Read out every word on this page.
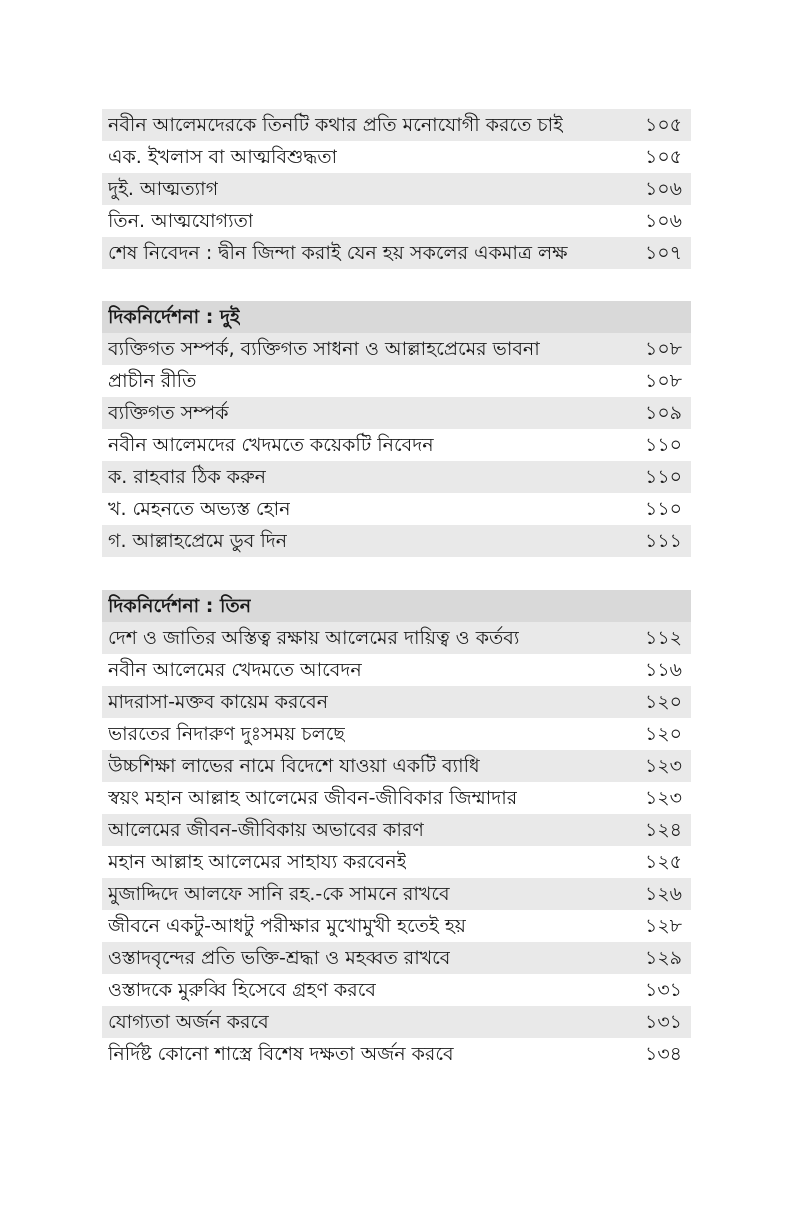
নবীন আলেমদেরকে তিনটি কথার প্রতি মনোযোগী করতে চাই	১০৫
এক. ইখলাস বা আত্মবিশুদ্ধতা	১০৫
দুই. আত্মত্যাগ	১০৬
তিন. আত্মযোগ্যতা	১০৬
শেষ নিবেদন : দ্বীন জিন্দা করাই যেন হয় সকলের একমাত্র লক্ষ	১০৭
দিকনির্দেশনা : দুই
ব্যক্তিগত সম্পর্ক, ব্যক্তিগত সাধনা ও আল্লাহপ্রেমের ভাবনা	১০৮
প্রাচীন রীতি	১০৮
ব্যক্তিগত সম্পর্ক	১০৯
নবীন আলেমদের খেদমতে কয়েকটি নিবেদন	১১০
ক. রাহবার ঠিক করুন	১১০
খ. মেহনতে অভ্যস্ত হোন	১১০
গ. আল্লাহপ্রেমে ডুব দিন	১১১
দিকনির্দেশনা : তিন
দেশ ও জাতির অস্তিত্ব রক্ষায় আলেমের দায়িত্ব ও কর্তব্য	১১২
নবীন আলেমের খেদমতে আবেদন	১১৬
মাদরাসা-মক্তব কায়েম করবেন	১২০
ভারতের নিদারুণ দুঃসময় চলছে	১২০
উচ্চশিক্ষা লাভের নামে বিদেশে যাওয়া একটি ব্যাধি	১২৩
স্বয়ং মহান আল্লাহ আলেমের জীবন-জীবিকার জিম্মাদার	১২৩
আলেমের জীবন-জীবিকায় অভাবের কারণ	১২৪
মহান আল্লাহ আলেমের সাহায্য করবেনই	১২৫
মুজাদ্দিদে আলফে সানি রহ.-কে সামনে রাখবে	১২৬
জীবনে একটু-আধটু পরীক্ষার মুখোমুখী হতেই হয়	১২৮
ওস্তাদবৃন্দের প্রতি ভক্তি-শ্রদ্ধা ও মহব্বত রাখবে	১২৯
ওস্তাদকে মুরুব্বি হিসেবে গ্রহণ করবে	১৩১
যোগ্যতা অর্জন করবে	১৩১
নির্দিষ্ট কোনো শাস্ত্রে বিশেষ দক্ষতা অর্জন করবে	১৩৪
